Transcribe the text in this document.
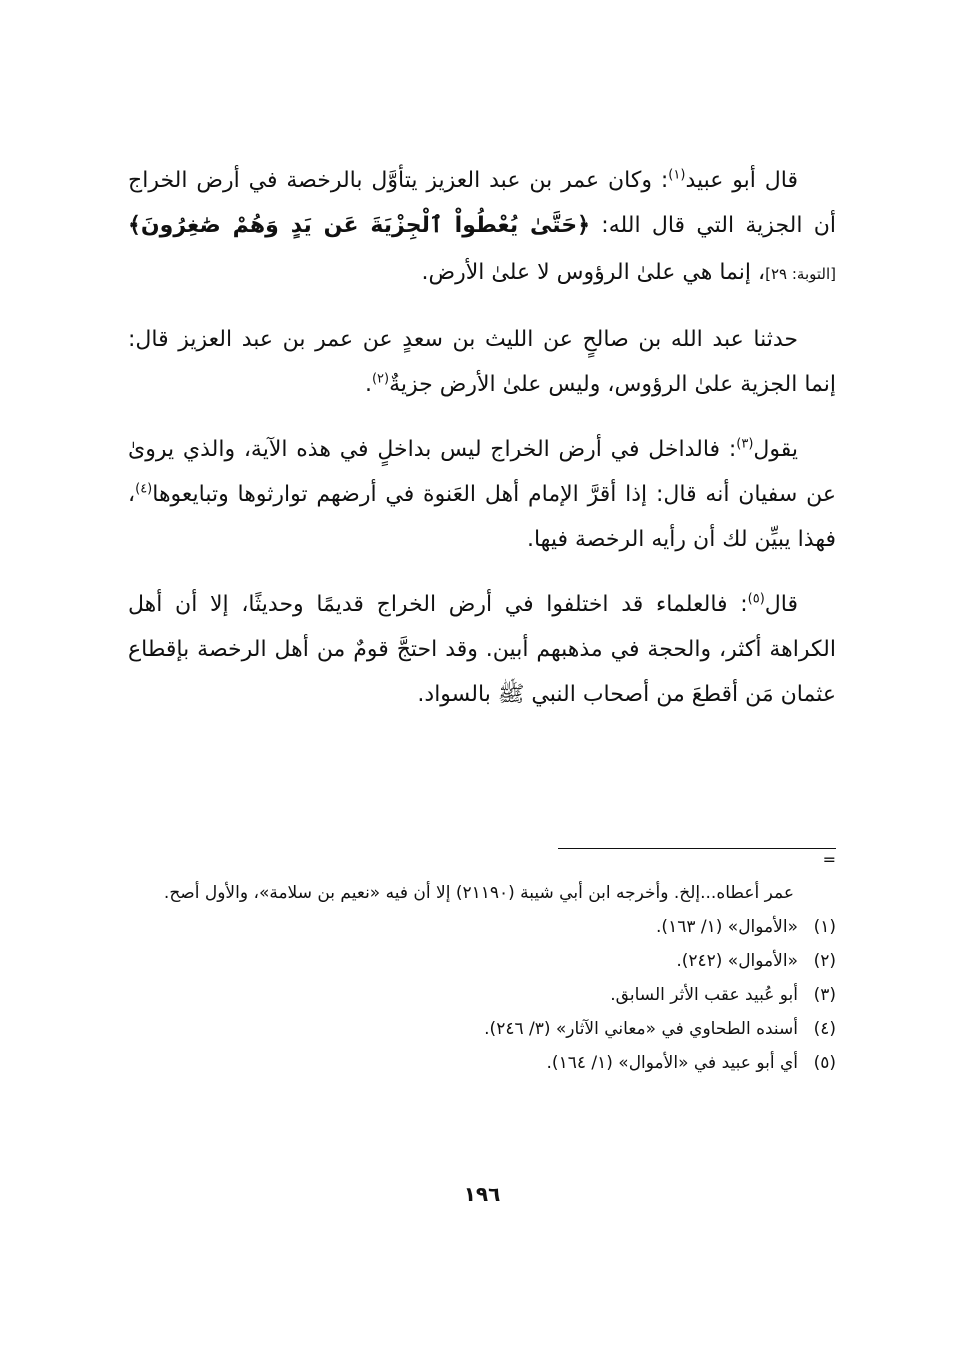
قال أبو عبيد$^{(١)}$: وكان عمر بن عبد العزيز يتأوَّل بالرخصة في أرض الخراج أن الجزية التي قال الله: ﴿حَتَّىٰ يُعْطُواْ ٱلْجِزْيَةَ عَن يَدٍ وَهُمْ صَٰغِرُونَ﴾ [التوبة: ٢٩]، إنما هي علىٰ الرؤوس لا علىٰ الأرض.

حدثنا عبد الله بن صالحٍ عن الليث بن سعدٍ عن عمر بن عبد العزيز قال: إنما الجزية علىٰ الرؤوس، وليس علىٰ الأرض جزيةٌ$^{(٢)}$.

يقول$^{(٣)}$: فالداخل في أرض الخراج ليس بداخلٍ في هذه الآية، والذي يروىٰ عن سفيان أنه قال: إذا أقرَّ الإمام أهل العَنوة في أرضهم توارثوها وتبايعوها$^{(٤)}$، فهذا يبيِّن لك أن رأيه الرخصة فيها.

قال$^{(٥)}$: فالعلماء قد اختلفوا في أرض الخراج قديمًا وحديثًا، إلا أن أهل الكراهة أكثر، والحجة في مذهبهم أبين. وقد احتجَّ قومٌ من أهل الرخصة بإقطاع عثمان مَن أقطعَ من أصحاب النبي ﷺ بالسواد.

=

عمر أعطاه...إلخ. وأخرجه ابن أبي شيبة (٢١١٩٠) إلا أن فيه «نعيم بن سلامة»، والأول أصح.

(١)«الأموال» (١/ ١٦٣).

(٢)«الأموال» (٢٤٢).

(٣)أبو عُبيد عقب الأثر السابق.

(٤)أسنده الطحاوي في «معاني الآثار» (٣/ ٢٤٦).

(٥)أي أبو عبيد في «الأموال» (١/ ١٦٤).

١٩٦
